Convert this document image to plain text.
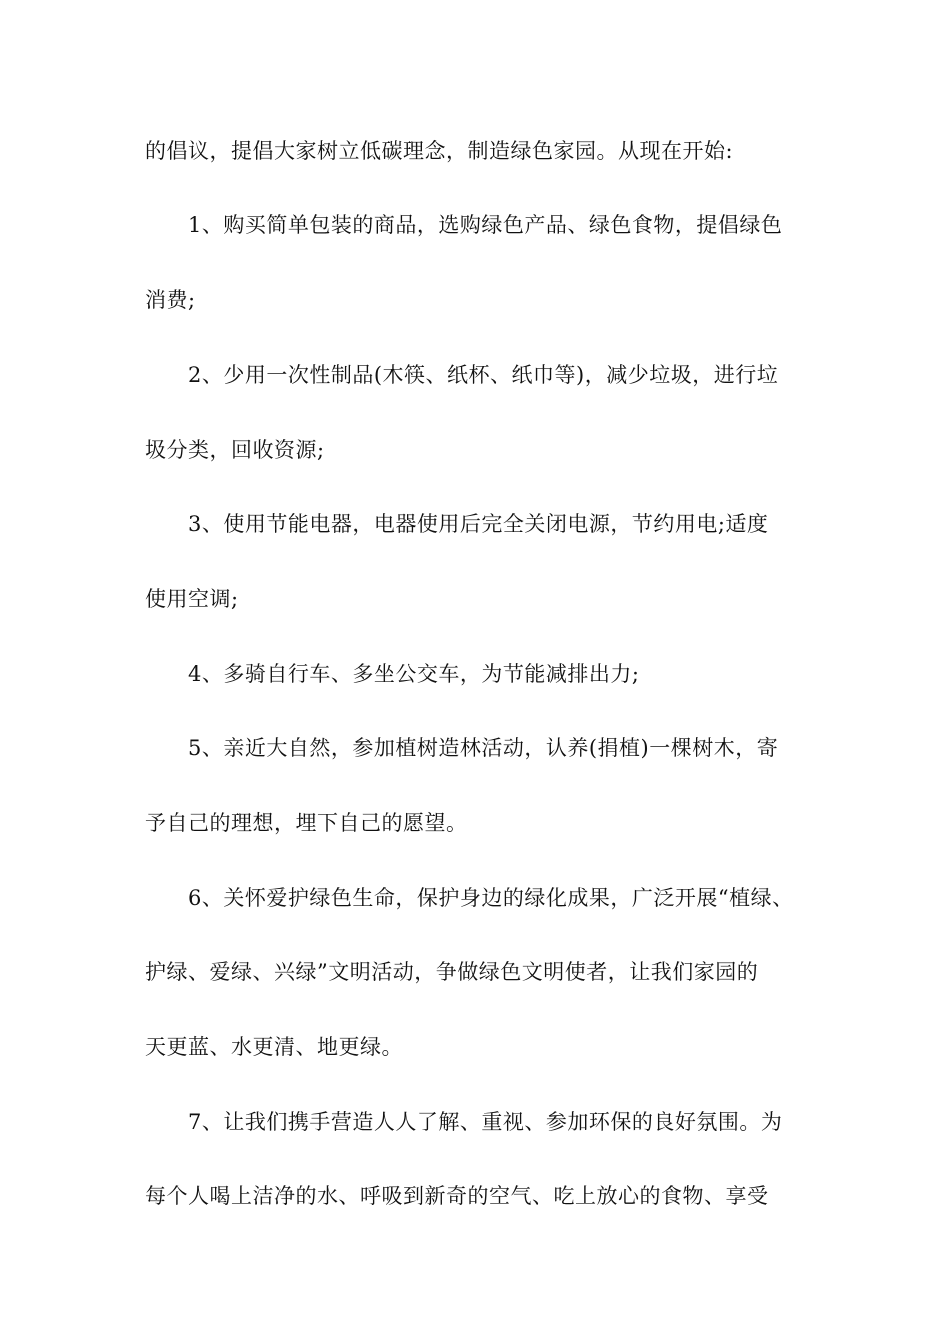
的倡议，提倡大家树立低碳理念，制造绿色家园。从现在开始:

1、购买简单包装的商品，选购绿色产品、绿色食物，提倡绿色

消费;

2、少用一次性制品(木筷、纸杯、纸巾等)，减少垃圾，进行垃

圾分类，回收资源;

3、使用节能电器，电器使用后完全关闭电源，节约用电;适度

使用空调;

4、多骑自行车、多坐公交车，为节能减排出力;

5、亲近大自然，参加植树造林活动，认养(捐植)一棵树木，寄

予自己的理想，埋下自己的愿望。

6、关怀爱护绿色生命，保护身边的绿化成果，广泛开展“植绿、

护绿、爱绿、兴绿”文明活动，争做绿色文明使者，让我们家园的

天更蓝、水更清、地更绿。

7、让我们携手营造人人了解、重视、参加环保的良好氛围。为

每个人喝上洁净的水、呼吸到新奇的空气、吃上放心的食物、享受
